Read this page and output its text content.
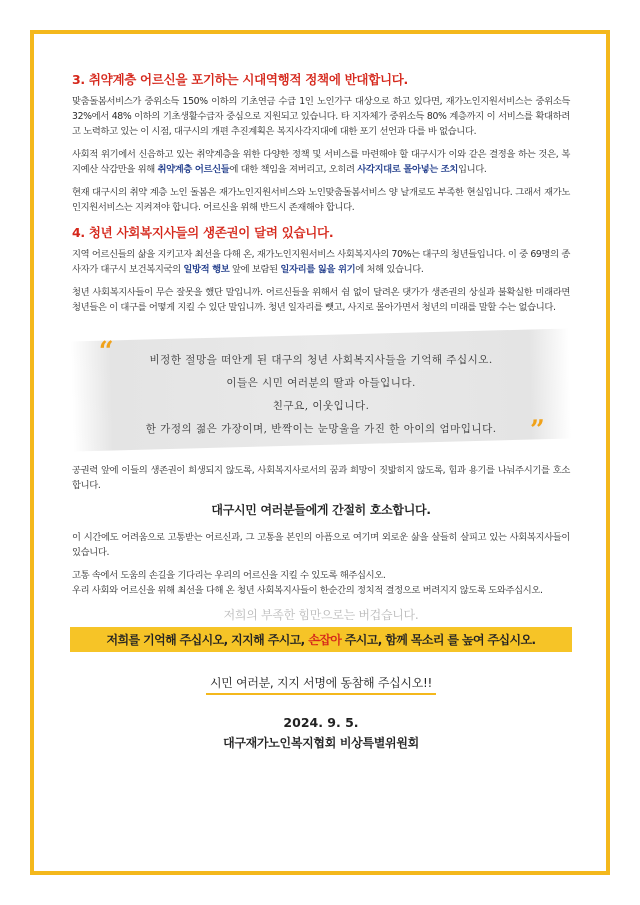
3. 취약계층 어르신을 포기하는 시대역행적 정책에 반대합니다.

맞춤돌봄서비스가 중위소득 150% 이하의 기초연금 수급 1인 노인가구 대상으로 하고 있다면, 재가노인지원서비스는 중위소득 32%에서 48% 이하의 기초생활수급자 중심으로 지원되고 있습니다. 타 지자체가 중위소득 80% 계층까지 이 서비스를 확대하려고 노력하고 있는 이 시점, 대구시의 개편 추진계획은 복지사각지대에 대한 포기 선언과 다를 바 없습니다.

사회적 위기에서 신음하고 있는 취약계층을 위한 다양한 정책 및 서비스를 마련해야 할 대구시가 이와 같은 결정을 하는 것은, 복지예산 삭감만을 위해 취약계층 어르신들에 대한 책임을 져버리고, 오히려 사각지대로 몰아넣는 조치입니다.

현재 대구시의 취약 계층 노인 돌봄은 재가노인지원서비스와 노인맞춤돌봄서비스 양 날개로도 부족한 현실입니다. 그래서 재가노인지원서비스는 지켜져야 합니다. 어르신을 위해 반드시 존재해야 합니다.

4. 청년 사회복지사들의 생존권이 달려 있습니다.

지역 어르신들의 삶을 지키고자 최선을 다해 온, 재가노인지원서비스 사회복지사의 70%는 대구의 청년들입니다. 이 중 69명의 종사자가 대구시 보건복지국의 일방적 행보 앞에 보람된 일자리를 잃을 위기에 처해 있습니다.

청년 사회복지사들이 무슨 잘못을 했단 말입니까. 어르신들을 위해서 쉼 없이 달려온 댓가가 생존권의 상실과 불확실한 미래라면 청년들은 이 대구를 어떻게 지킬 수 있단 말입니까. 청년 일자리를 뺏고, 사지로 몰아가면서 청년의 미래를 말할 수는 없습니다.

“	비정한 절망을 떠안게 된 대구의 청년 사회복지사들을 기억해 주십시오.
이들은 시민 여러분의 딸과 아들입니다.
친구요, 이웃입니다.
한 가정의 젊은 가장이며, 반짝이는 눈망울을 가진 한 아이의 엄마입니다.	”

공권력 앞에 이들의 생존권이 희생되지 않도록, 사회복지사로서의 꿈과 희망이 짓밟히지 않도록, 힘과 용기를 나눠주시기를 호소합니다.

대구시민 여러분들에게 간절히 호소합니다.

이 시간에도 어려움으로 고통받는 어르신과, 그 고통을 본인의 아픔으로 여기며 외로운 삶을 살들히 살피고 있는 사회복지사들이 있습니다.

고통 속에서 도움의 손길을 기다리는 우리의 어르신을 지킬 수 있도록 해주십시오.

우리 사회와 어르신을 위해 최선을 다해 온 청년 사회복지사들이 한순간의 정치적 결정으로 버려지지 않도록 도와주십시오.

저희의 부족한 힘만으로는 버겁습니다.
저희를 기억해 주십시오, 지지해 주시고, 손잡아 주시고, 함께 목소리 를 높여 주십시오.
시민 여러분, 지지 서명에 동참해 주십시오!!
2024. 9. 5.
대구재가노인복지협회 비상특별위원회
